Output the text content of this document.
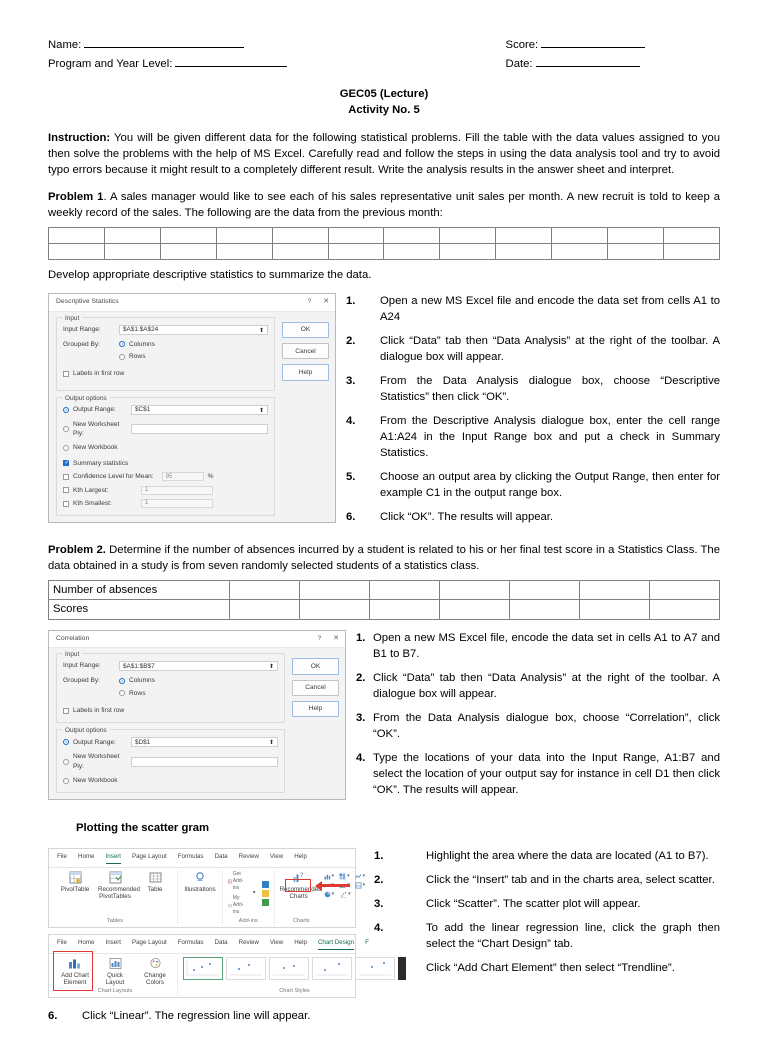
Name:
Program and Year Level:
Score:
Date:
GEC05 (Lecture)
Activity No. 5

Instruction: You will be given different data for the following statistical problems. Fill the table with the data values assigned to you then solve the problems with the help of MS Excel. Carefully read and follow the steps in using the data analysis tool and try to avoid typo errors because it might result to a completely different result. Write the analysis results in the answer sheet and interpret.

Problem 1. A sales manager would like to see each of his sales representative unit sales per month. A new recruit is told to keep a weekly record of the sales. The following are the data from the previous month:

Develop appropriate descriptive statistics to summarize the data.

Descriptive Statistics	? ✕
Input
Input Range:	$A$1:$A$24	⬆
Grouped By:	Columns
Rows
Labels in first row
Output options
Output Range:	$C$1	⬆
New Worksheet Ply:
New Workbook
✓
Summary statistics
Confidence Level for Mean: 95	%
Kth Largest:	1
Kth Smallest:	1
OK
Cancel
Help
1.	Open a new MS Excel file and encode the data set from cells A1 to A24
2.	Click “Data” tab then “Data Analysis” at the right of the toolbar. A dialogue box will appear.
3.	From the Data Analysis dialogue box, choose “Descriptive Statistics” then click “OK”.
4.	From the Descriptive Analysis dialogue box, enter the cell range A1:A24 in the Input Range box and put a check in Summary Statistics.
5.	Choose an output area by clicking the Output Range, then enter for example C1 in the output range box.
6.	Click “OK”. The results will appear.

Problem 2. Determine if the number of absences incurred by a student is related to his or her final test score in a Statistics Class. The data obtained in a study is from seven randomly selected students of a statistics class.

Number of absences							
Scores							
Correlation	? ✕
Input
Input Range:	$A$1:$B$7	⬆
Grouped By:	Columns
Rows
Labels in first row
Output options
Output Range:	$D$1	⬆
New Worksheet Ply:
New Workbook
OK
Cancel
Help
1. Open a new MS Excel file, encode the data set in cells A1 to A7 and B1 to B7.
2. Click “Data” tab then “Data Analysis” at the right of the toolbar. A dialogue box will appear.
3. From the Data Analysis dialogue box, choose “Correlation”, click “OK”.
4. Type the locations of your data into the Input Range, A1:B7 and select the location of your output say for instance in cell D1 then click “OK”. The results will appear.
Plotting the scatter gram
File Home Insert Page Layout Formulas Data Review View Help
PivotTable	Recommended PivotTables
Table
Tables
Illustrations

Get Add-ins
My Add-ins
▾
Add-ins
?
Recommended Charts
▾	▾	▾
▾
▾	▾
Charts
File Home Insert Page Layout Formulas Data Review View Help Chart Design F
Add Chart Element
Quick Layout
Change Colors
Chart Layouts	Chart Styles
1.	Highlight the area where the data are located (A1 to B7).
2.	Click the “Insert” tab and in the charts area, select scatter.
3.	Click “Scatter”. The scatter plot will appear.
4.	To add the linear regression line, click the graph then select the “Chart Design” tab.
Click “Add Chart Element” then select “Trendline”.
6.	Click “Linear”. The regression line will appear.
